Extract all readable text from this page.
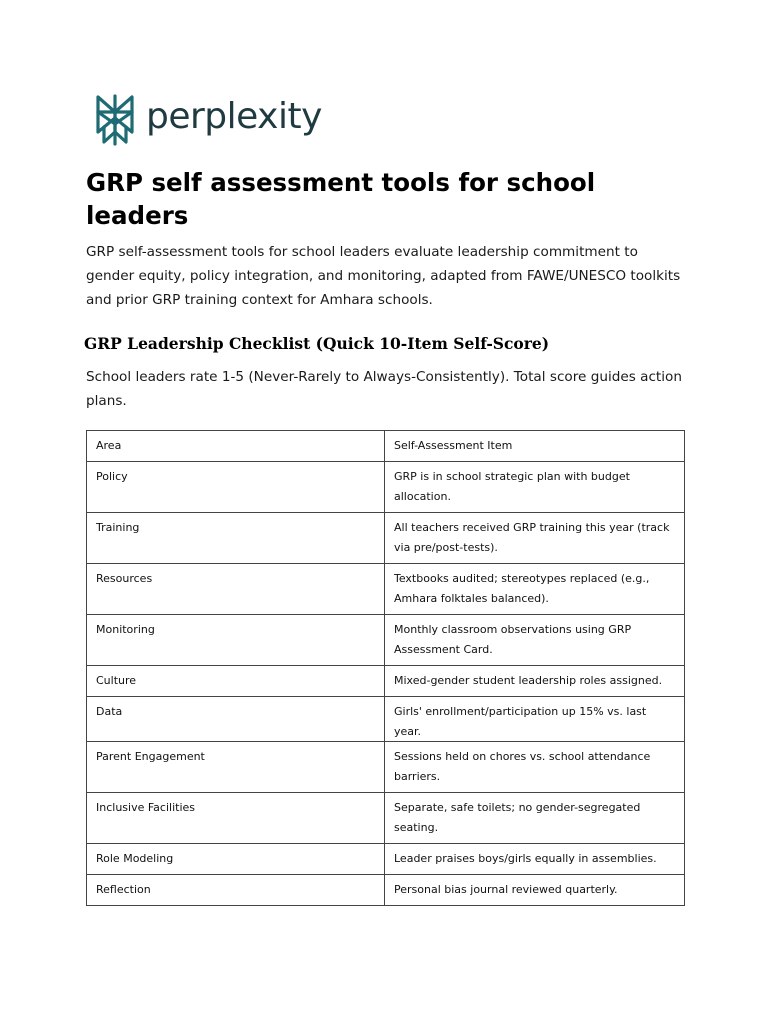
perplexity
GRP self assessment tools for school leaders

GRP self-assessment tools for school leaders evaluate leadership commitment to gender equity, policy integration, and monitoring, adapted from FAWE/UNESCO toolkits and prior GRP training context for Amhara schools.

GRP Leadership Checklist (Quick 10-Item Self-Score)

School leaders rate 1-5 (Never-Rarely to Always-Consistently). Total score guides action plans.

Area	Self-Assessment Item
Policy	GRP is in school strategic plan with budget allocation.
Training	All teachers received GRP training this year (track via pre/post-tests).
Resources	Textbooks audited; stereotypes replaced (e.g., Amhara folktales balanced).
Monitoring	Monthly classroom observations using GRP Assessment Card.
Culture	Mixed-gender student leadership roles assigned.
Data	Girls' enrollment/participation up 15% vs. last year.
Parent Engagement	Sessions held on chores vs. school attendance barriers.
Inclusive Facilities	Separate, safe toilets; no gender-segregated seating.
Role Modeling	Leader praises boys/girls equally in assemblies.
Reflection	Personal bias journal reviewed quarterly.
